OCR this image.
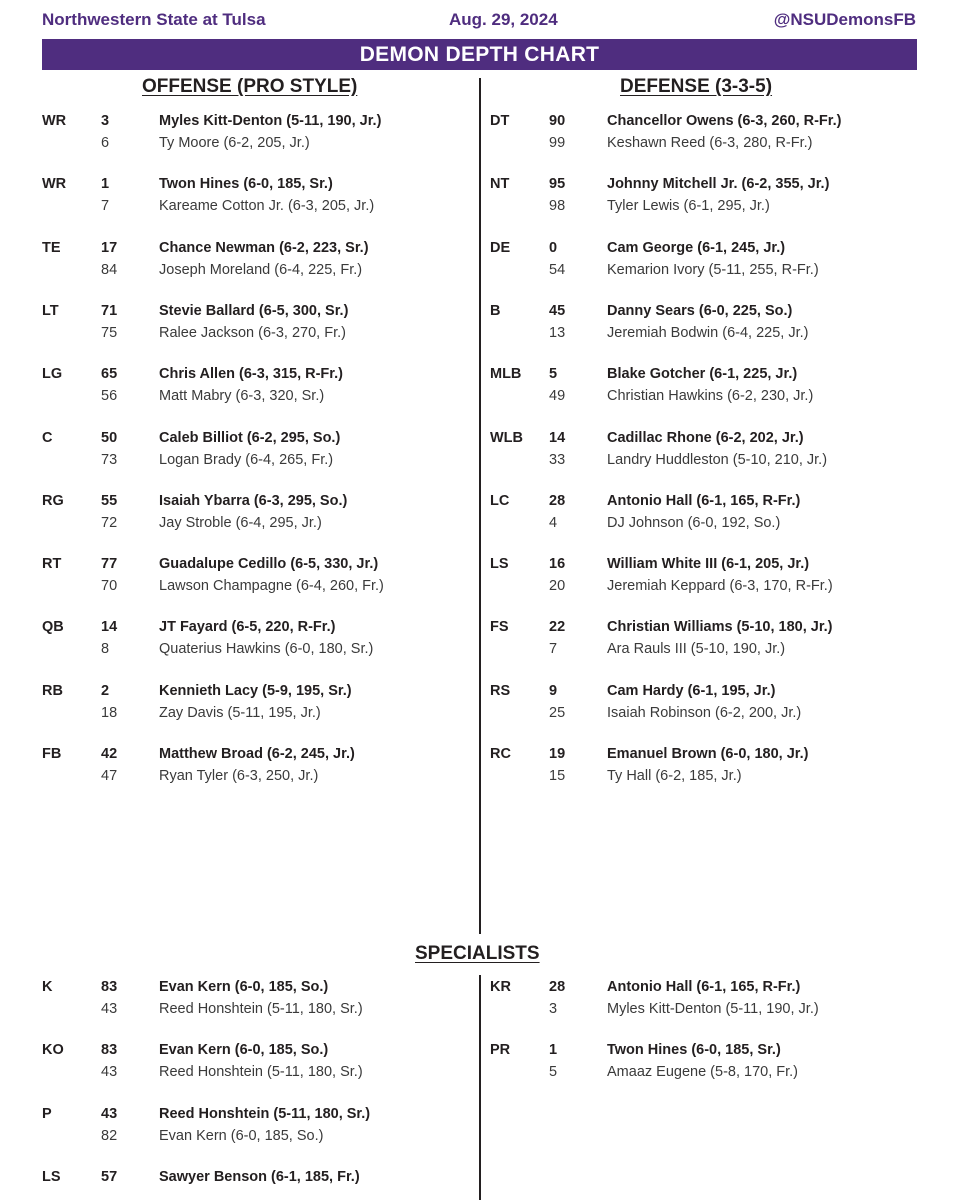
Northwestern State at Tulsa	Aug. 29, 2024	@NSUDemonsFB
DEMON DEPTH CHART
OFFENSE (PRO STYLE)	DEFENSE (3-3-5)
WR 3	Myles Kitt-Denton (5-11, 190, Jr.)
6	Ty Moore (6-2, 205, Jr.)
WR 1	Twon Hines (6-0, 185, Sr.)
7	Kareame Cotton Jr. (6-3, 205, Jr.)
TE	17	Chance Newman (6-2, 223, Sr.)
84	Joseph Moreland (6-4, 225, Fr.)
LT	71	Stevie Ballard (6-5, 300, Sr.)
75	Ralee Jackson (6-3, 270, Fr.)
LG	65	Chris Allen (6-3, 315, R-Fr.)
56	Matt Mabry (6-3, 320, Sr.)
C	50	Caleb Billiot (6-2, 295, So.)
73	Logan Brady (6-4, 265, Fr.)
RG	55	Isaiah Ybarra (6-3, 295, So.)
72	Jay Stroble (6-4, 295, Jr.)
RT	77	Guadalupe Cedillo (6-5, 330, Jr.)
70	Lawson Champagne (6-4, 260, Fr.)
QB	14	JT Fayard (6-5, 220, R-Fr.)
8	Quaterius Hawkins (6-0, 180, Sr.)
RB	2	Kennieth Lacy (5-9, 195, Sr.)
18	Zay Davis (5-11, 195, Jr.)
FB	42	Matthew Broad (6-2, 245, Jr.)
47	Ryan Tyler (6-3, 250, Jr.)
DT	90	Chancellor Owens (6-3, 260, R-Fr.)
99	Keshawn Reed (6-3, 280, R-Fr.)
NT	95	Johnny Mitchell Jr. (6-2, 355, Jr.)
98	Tyler Lewis (6-1, 295, Jr.)
DE	0	Cam George (6-1, 245, Jr.)
54	Kemarion Ivory (5-11, 255, R-Fr.)
B	45	Danny Sears (6-0, 225, So.)
13	Jeremiah Bodwin (6-4, 225, Jr.)
MLB 5	Blake Gotcher (6-1, 225, Jr.)
49	Christian Hawkins (6-2, 230, Jr.)
WLB 14	Cadillac Rhone (6-2, 202, Jr.)
33	Landry Huddleston (5-10, 210, Jr.)
LC	28	Antonio Hall (6-1, 165, R-Fr.)
4	DJ Johnson (6-0, 192, So.)
LS	16	William White III (6-1, 205, Jr.)
20	Jeremiah Keppard (6-3, 170, R-Fr.)
FS	22	Christian Williams (5-10, 180, Jr.)
7	Ara Rauls III (5-10, 190, Jr.)
RS	9	Cam Hardy (6-1, 195, Jr.)
25	Isaiah Robinson (6-2, 200, Jr.)
RC	19	Emanuel Brown (6-0, 180, Jr.)
15	Ty Hall (6-2, 185, Jr.)
SPECIALISTS
K	83	Evan Kern (6-0, 185, So.)
43	Reed Honshtein (5-11, 180, Sr.)
KO	83	Evan Kern (6-0, 185, So.)
43	Reed Honshtein (5-11, 180, Sr.)
P	43	Reed Honshtein (5-11, 180, Sr.)
82	Evan Kern (6-0, 185, So.)
LS	57	Sawyer Benson (6-1, 185, Fr.)
KR	28	Antonio Hall (6-1, 165, R-Fr.)
3	Myles Kitt-Denton (5-11, 190, Jr.)
PR	1	Twon Hines (6-0, 185, Sr.)
5	Amaaz Eugene (5-8, 170, Fr.)
